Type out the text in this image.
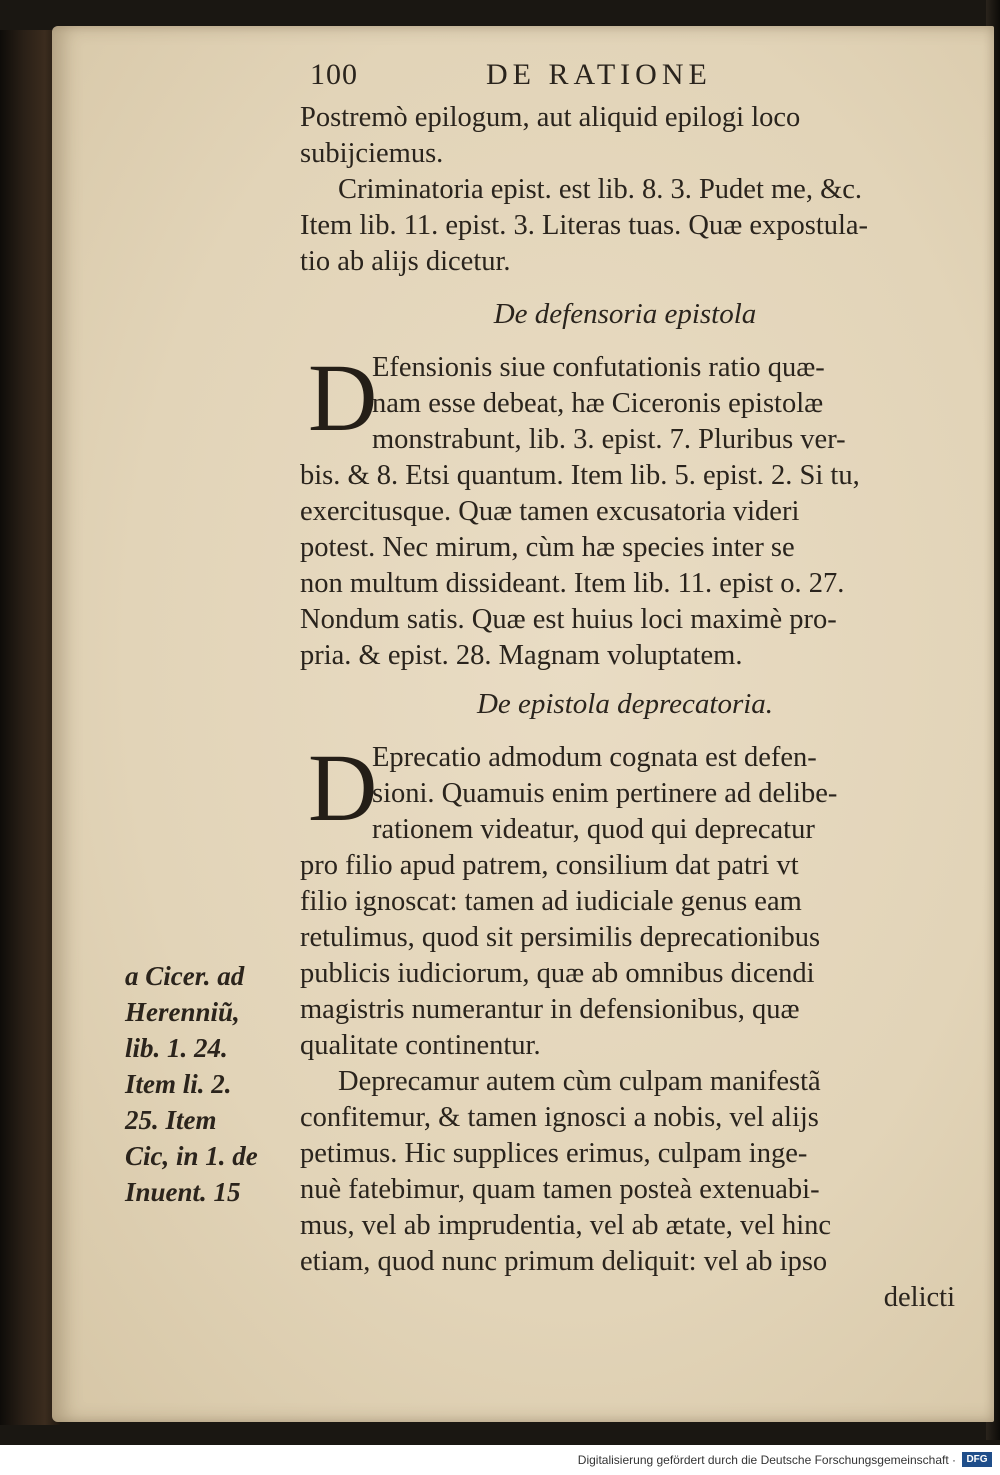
100	DE RATIONE
Postremò epilogum, aut aliquid epilogi loco
subijciemus.
Criminatoria epist. est lib. 8. 3. Pudet me, &c.
Item lib. 11. epist. 3. Literas tuas. Quæ expostula-
tio ab alijs dicetur.
De defensoria epistola
D
Efensionis siue confutationis ratio quæ-
nam esse debeat, hæ Ciceronis epistolæ
monstrabunt, lib. 3. epist. 7. Pluribus ver-
bis. & 8. Etsi quantum. Item lib. 5. epist. 2. Si tu,
exercitusque. Quæ tamen excusatoria videri
potest. Nec mirum, cùm hæ species inter se
non multum dissideant. Item lib. 11. epist o. 27.
Nondum satis. Quæ est huius loci maximè pro-
pria. & epist. 28. Magnam voluptatem.
De epistola deprecatoria.
D
Eprecatio admodum cognata est defen-
sioni. Quamuis enim pertinere ad delibe-
rationem videatur, quod qui deprecatur
pro filio apud patrem, consilium dat patri vt
filio ignoscat: tamen ad iudiciale genus eam
retulimus, quod sit persimilis deprecationibus
publicis iudiciorum, quæ ab omnibus dicendi
magistris numerantur in defensionibus, quæ
qualitate continentur.
Deprecamur autem cùm culpam manifestã
confitemur, & tamen ignosci a nobis, vel alijs
petimus. Hic supplices erimus, culpam inge-
nuè fatebimur, quam tamen posteà extenuabi-
mus, vel ab imprudentia, vel ab ætate, vel hinc
etiam, quod nunc primum deliquit: vel ab ipso
delicti
a Cicer. ad
Herenniũ,
lib. 1. 24.
Item li. 2.
25. Item
Cic, in 1. de
Inuent. 15
Digitalisierung gefördert durch die Deutsche Forschungsgemeinschaft ·	DFG
